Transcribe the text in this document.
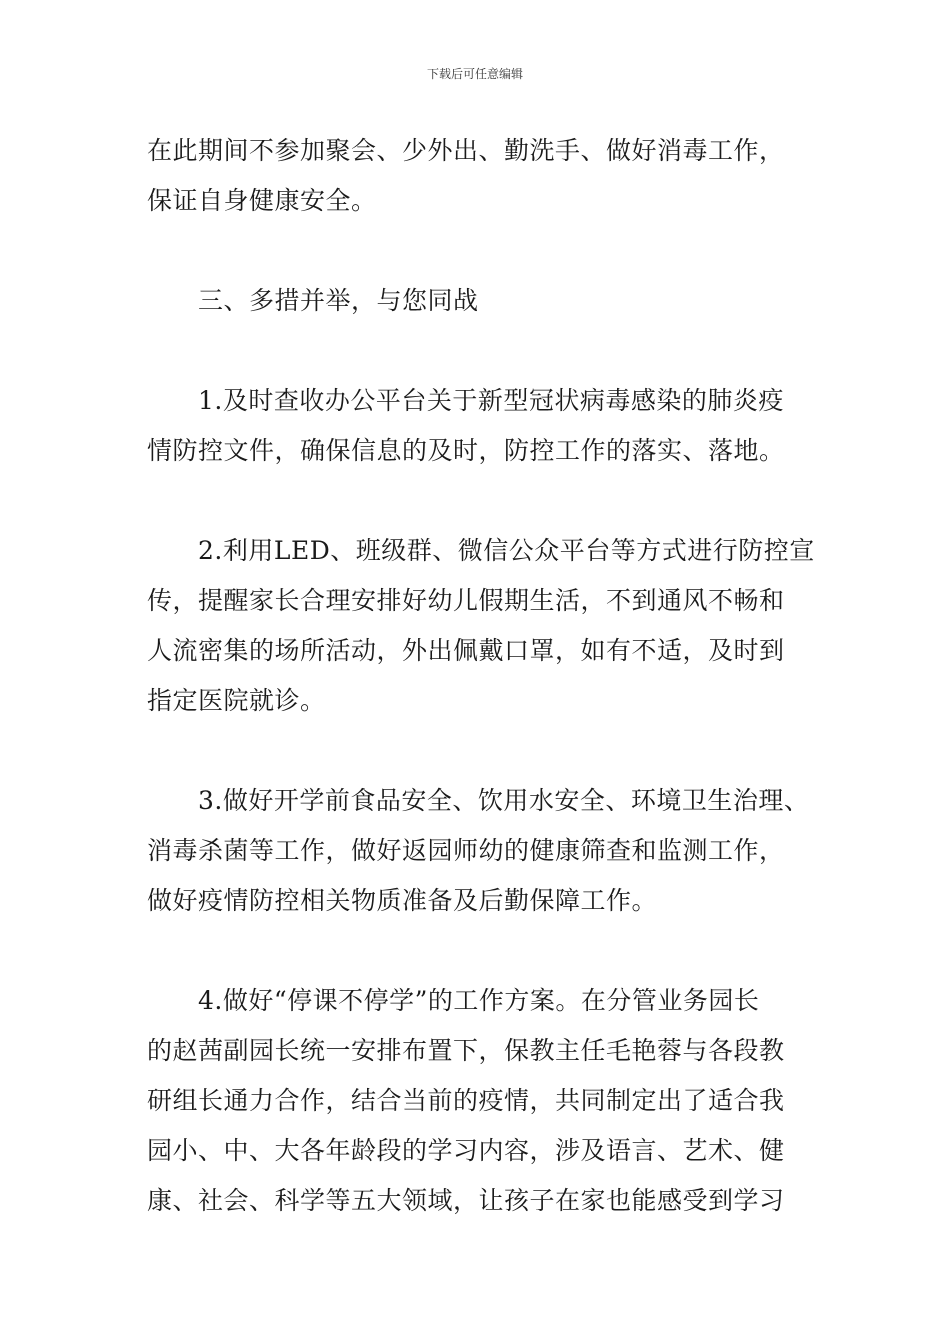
下载后可任意编辑
在此期间不参加聚会、少外出、勤洗手、做好消毒工作，
保证自身健康安全。
　　三、多措并举，与您同战
　　1.及时查收办公平台关于新型冠状病毒感染的肺炎疫
情防控文件，确保信息的及时，防控工作的落实、落地。
　　2.利用LED、班级群、微信公众平台等方式进行防控宣
传，提醒家长合理安排好幼儿假期生活，不到通风不畅和
人流密集的场所活动，外出佩戴口罩，如有不适，及时到
指定医院就诊。
　　3.做好开学前食品安全、饮用水安全、环境卫生治理、
消毒杀菌等工作，做好返园师幼的健康筛查和监测工作，
做好疫情防控相关物质准备及后勤保障工作。
　　4.做好“停课不停学”的工作方案。在分管业务园长
的赵茜副园长统一安排布置下，保教主任毛艳蓉与各段教
研组长通力合作，结合当前的疫情，共同制定出了适合我
园小、中、大各年龄段的学习内容，涉及语言、艺术、健
康、社会、科学等五大领域，让孩子在家也能感受到学习
